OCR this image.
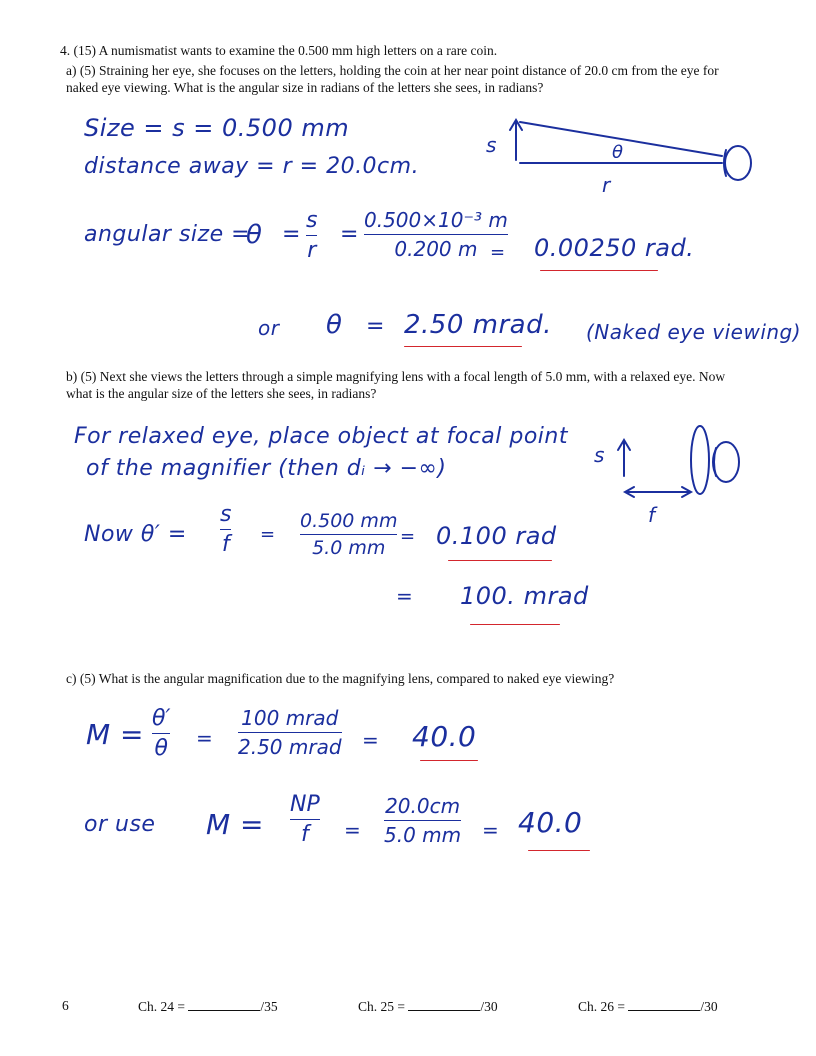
4. (15) A numismatist wants to examine the 0.500 mm high letters on a rare coin.
a) (5) Straining her eye, she focuses on the letters, holding the coin at her near point distance of 20.0 cm from the eye for naked eye viewing. What is the angular size in radians of the letters she sees, in radians?
Size = s = 0.500 mm
distance away = r = 20.0cm.
s	θ
r
angular size =
θ =
s
r
=
0.500×10⁻³ m
0.200 m = 0.00250 rad.
or θ = 2.50 mrad. (Naked eye viewing)
b) (5) Next she views the letters through a simple magnifying lens with a focal length of 5.0 mm, with a relaxed eye. Now what is the angular size of the letters she sees, in radians?
For relaxed eye, place object at focal point
of the magnifier (then dᵢ → −∞)
s
f
Now θ′ =
s
f =
0.500 mm
5.0 mm
= 0.100 rad
= 100. mrad
c) (5) What is the angular magnification due to the magnifying lens, compared to naked eye viewing?
M = θ′
θ =
100 mrad
2.50 mrad = 40.0
or use M =
NP
f =
20.0cm
5.0 mm = 40.0
6	Ch. 24 =	/35	Ch. 25 =	/30	Ch. 26 =	/30
